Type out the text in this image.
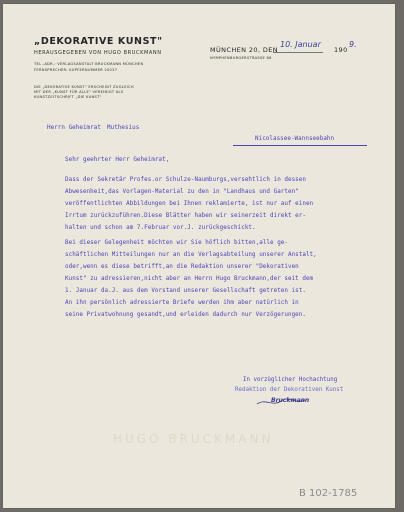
„DEKORATIVE KUNST"
HERAUSGEGEBEN VON HUGO BRUCKMANN
TEL.-ADR.: VERLAGSANSTALT BRUCKMANN MÜNCHEN
FERNSPRECHER: KUPFERNUMMER 20037
DIE „DEKORATIVE KUNST" ERSCHEINT ZUGLEICH
MIT DER „KUNST FÜR ALLE" VEREINIGT ALS
KUNSTZEITSCHRIFT „DIE KUNST"
MÜNCHEN 20, DEN
10. Januar
190
9.
NYMPHENBURGERSTRASSE 86
Herrn Geheimrat Muthesius
Nicolassee-Wannseebahn
Sehr geehrter Herr Geheimrat,
Dass der Sekretär Profes.or Schulze-Naumburgs,versehtlich in dessen
Abwesenheit,das Vorlagen-Material zu den in "Landhaus und Garten"
veröffentlichten Abbildungen bei Ihnen reklamierte, ist nur auf einen
Irrtum zurückzuführen.Diese Blätter haben wir seinerzeit direkt er-
halten und schon am 7.Februar vor.J. zurückgeschickt.
Bei dieser Gelegenheit möchten wir Sie höflich bitten,alle ge-
schäftlichen Mitteilungen nur an die Verlagsabteilung unserer Anstalt,
oder,wenn es diese betrifft,an die Redaktion unserer "Dekorativen
Kunst" zu adressieren,nicht aber an Herrn Hugo Bruckmann,der seit dem
1. Januar da.J. aus dem Vorstand unserer Gesellschaft getreten ist.
An ihn persönlich adressierte Briefe werden ihm aber natürlich in
seine Privatwohnung gesandt,und erleiden dadurch nur Verzögerungen.
In vorzüglicher Hochachtung
Redaktion der Dekorativen Kunst
Bruckmann
HUGO BRUCKMANN
B 102-1785
